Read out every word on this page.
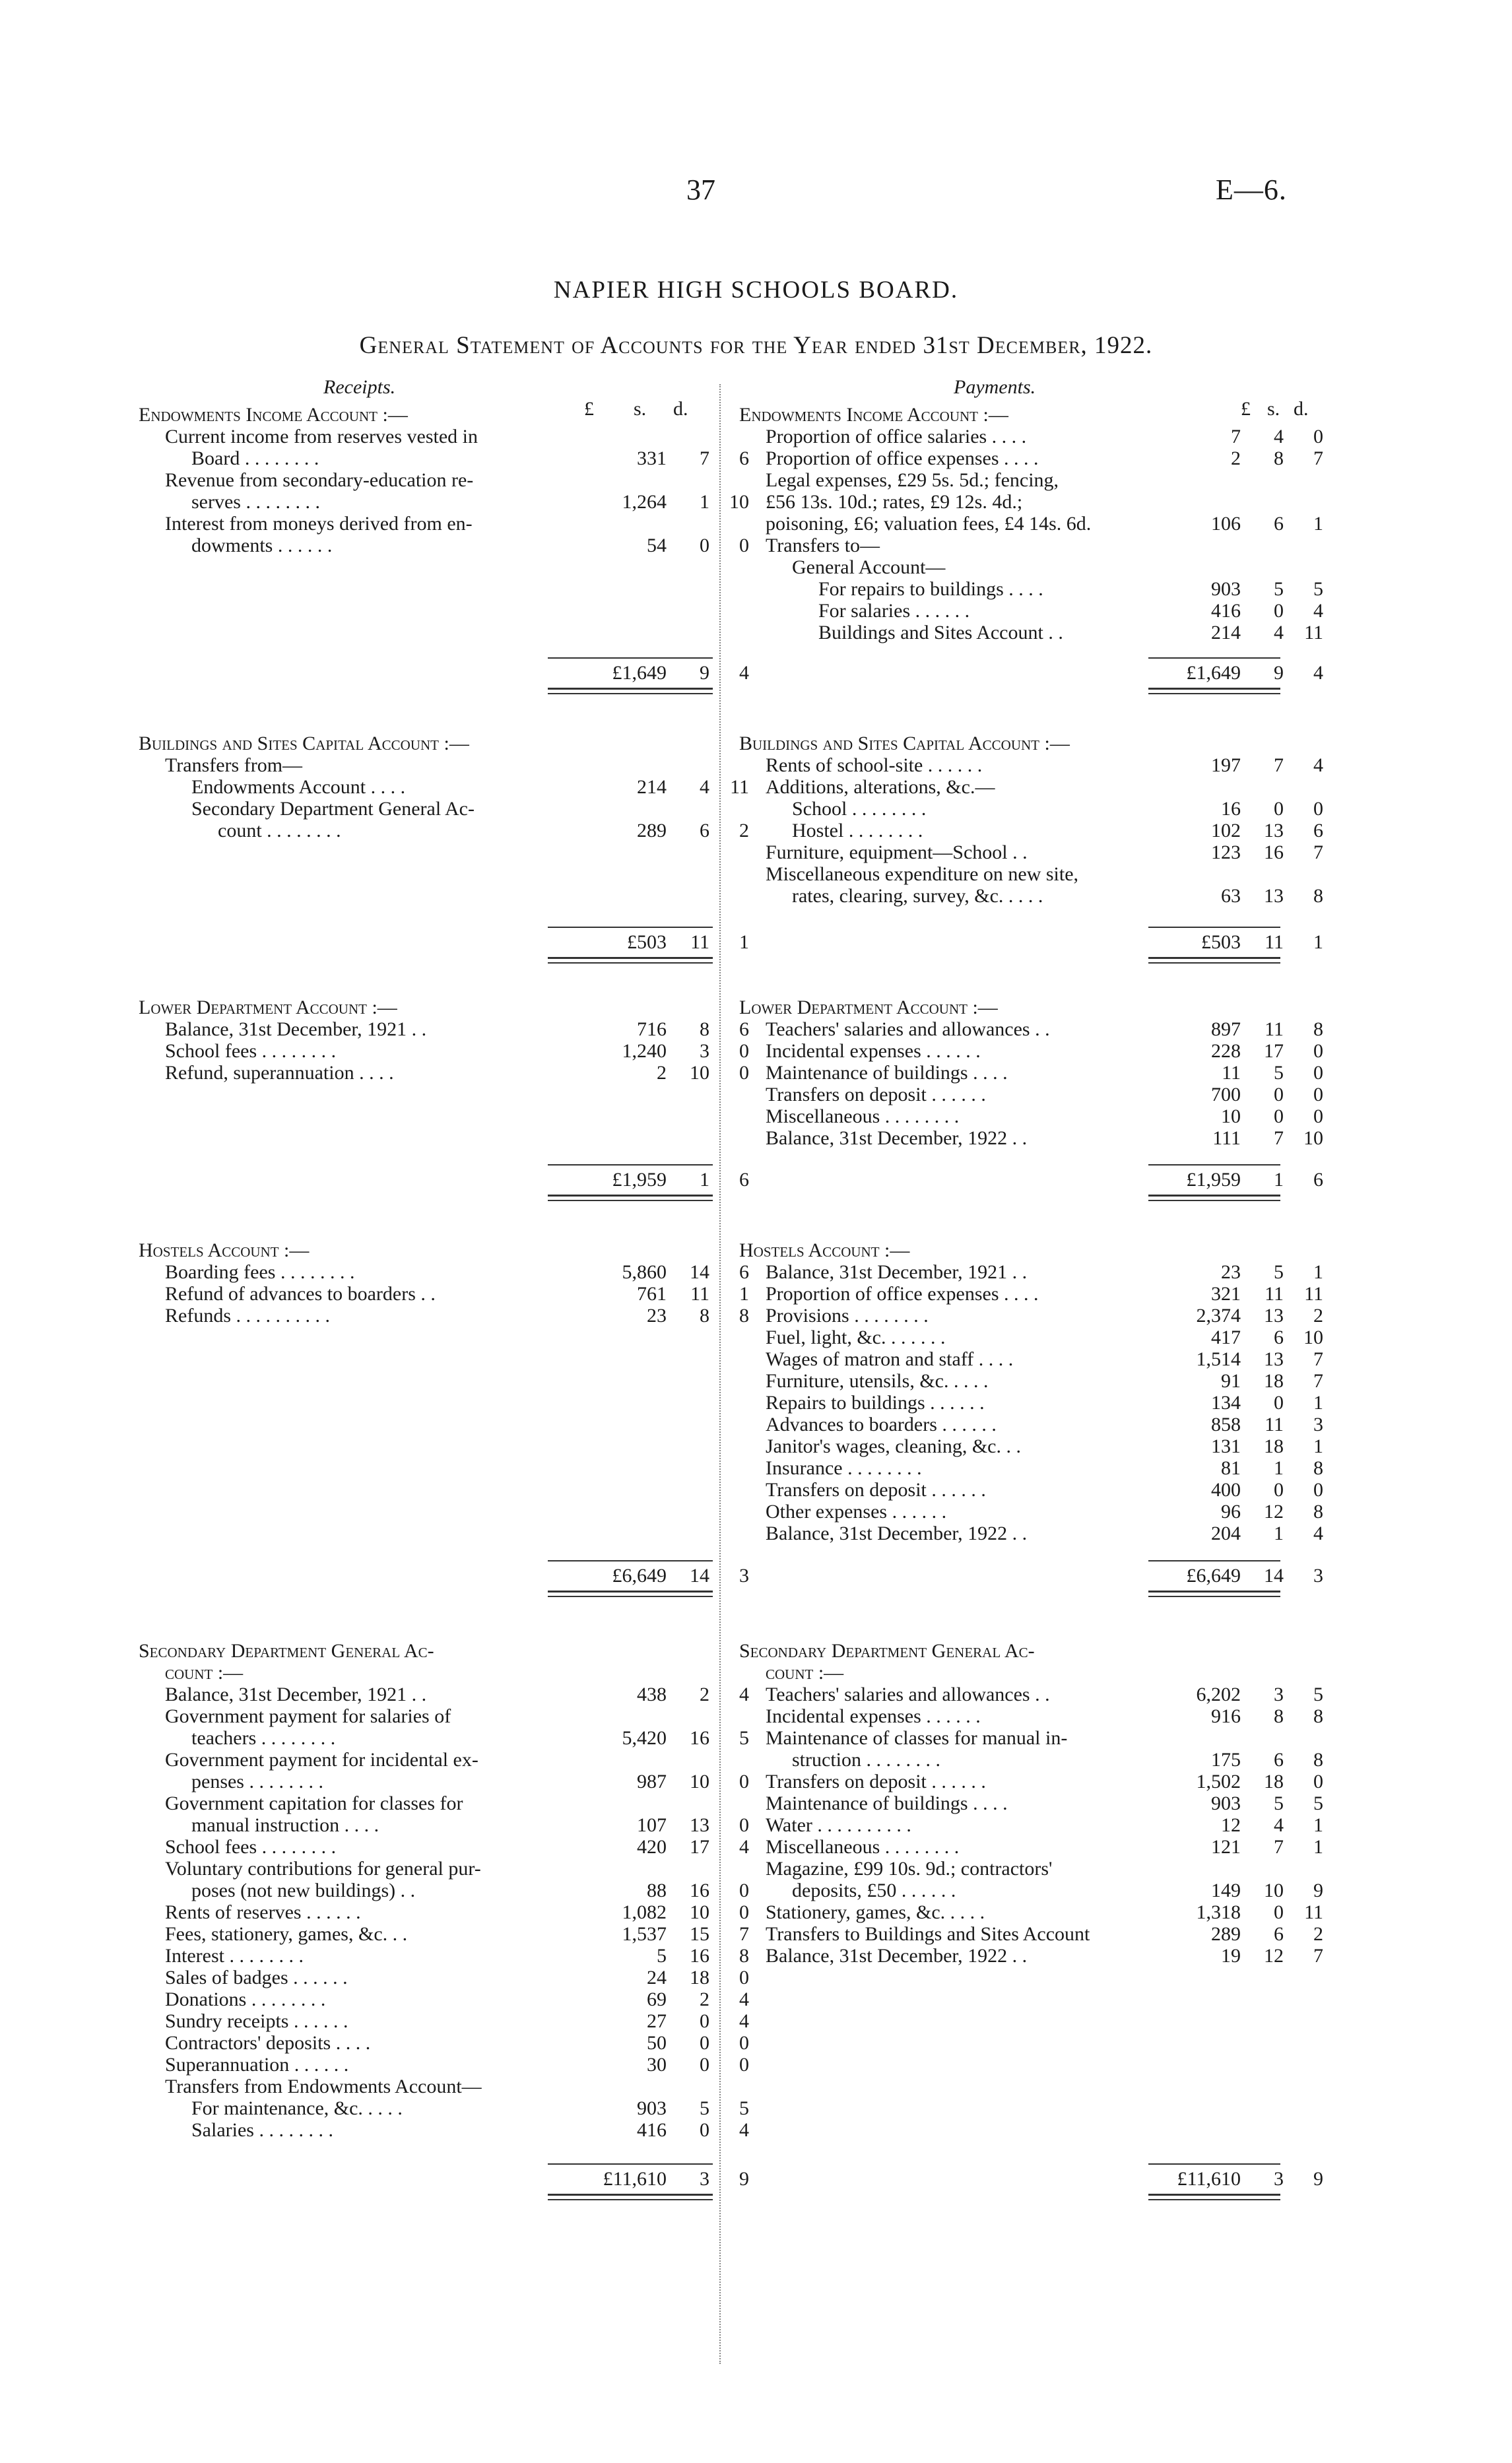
37	E—6.
NAPIER HIGH SCHOOLS BOARD.
General Statement of Accounts for the Year ended 31st December, 1922.
Receipts.	Payments.
£ s. d.	£ s. d.
Endowments Income Account :—
Current income from reserves vested in
Board . . . . . . . .	331	7	6
Revenue from secondary-education re-
serves . . . . . . . .	1,264	1	10
Interest from moneys derived from en-
dowments . . . . . .	54	0	0
£1,649	9	4
Endowments Income Account :—
Proportion of office salaries . . . .	7	4	0
Proportion of office expenses . . . .	2	8	7
Legal expenses, £29 5s. 5d.; fencing,
£56 13s. 10d.; rates, £9 12s. 4d.;
poisoning, £6; valuation fees, £4 14s. 6d.	106	6	1
Transfers to—
General Account—
For repairs to buildings . . . .	903	5	5
For salaries . . . . . .	416	0	4
Buildings and Sites Account . .	214	4	11
£1,649	9	4
Buildings and Sites Capital Account :—
Transfers from—
Endowments Account . . . .	214	4	11
Secondary Department General Ac-
count . . . . . . . .	289	6	2
£503	11	1
Buildings and Sites Capital Account :—
Rents of school-site . . . . . .	197	7	4
Additions, alterations, &c.—
School . . . . . . . .	16	0	0
Hostel . . . . . . . .	102	13	6
Furniture, equipment—School . .	123	16	7
Miscellaneous expenditure on new site,
rates, clearing, survey, &c. . . . .	63	13	8
£503	11	1
Lower Department Account :—
Balance, 31st December, 1921 . .	716	8	6
School fees . . . . . . . .	1,240	3	0
Refund, superannuation . . . .	2	10	0
£1,959	1	6
Lower Department Account :—
Teachers' salaries and allowances . .	897	11	8
Incidental expenses . . . . . .	228	17	0
Maintenance of buildings . . . .	11	5	0
Transfers on deposit . . . . . .	700	0	0
Miscellaneous . . . . . . . .	10	0	0
Balance, 31st December, 1922 . .	111	7	10
£1,959	1	6
Hostels Account :—
Boarding fees . . . . . . . .	5,860	14	6
Refund of advances to boarders . .	761	11	1
Refunds . . . . . . . . . .	23	8	8
£6,649	14	3
Hostels Account :—
Balance, 31st December, 1921 . .	23	5	1
Proportion of office expenses . . . .	321	11	11
Provisions . . . . . . . .	2,374	13	2
Fuel, light, &c. . . . . . .	417	6	10
Wages of matron and staff . . . .	1,514	13	7
Furniture, utensils, &c. . . . .	91	18	7
Repairs to buildings . . . . . .	134	0	1
Advances to boarders . . . . . .	858	11	3
Janitor's wages, cleaning, &c. . .	131	18	1
Insurance . . . . . . . .	81	1	8
Transfers on deposit . . . . . .	400	0	0
Other expenses . . . . . .	96	12	8
Balance, 31st December, 1922 . .	204	1	4
£6,649	14	3
Secondary Department General Ac-
count :—
Balance, 31st December, 1921 . .	438	2	4
Government payment for salaries of
teachers . . . . . . . .	5,420	16	5
Government payment for incidental ex-
penses . . . . . . . .	987	10	0
Government capitation for classes for
manual instruction . . . .	107	13	0
School fees . . . . . . . .	420	17	4
Voluntary contributions for general pur-
poses (not new buildings) . .	88	16	0
Rents of reserves . . . . . .	1,082	10	0
Fees, stationery, games, &c. . .	1,537	15	7
Interest . . . . . . . .	5	16	8
Sales of badges . . . . . .	24	18	0
Donations . . . . . . . .	69	2	4
Sundry receipts . . . . . .	27	0	4
Contractors' deposits . . . .	50	0	0
Superannuation . . . . . .	30	0	0
Transfers from Endowments Account—
For maintenance, &c. . . . .	903	5	5
Salaries . . . . . . . .	416	0	4
£11,610	3	9
Secondary Department General Ac-
count :—
Teachers' salaries and allowances . .	6,202	3	5
Incidental expenses . . . . . .	916	8	8
Maintenance of classes for manual in-
struction . . . . . . . .	175	6	8
Transfers on deposit . . . . . .	1,502	18	0
Maintenance of buildings . . . .	903	5	5
Water . . . . . . . . . .	12	4	1
Miscellaneous . . . . . . . .	121	7	1
Magazine, £99 10s. 9d.; contractors'
deposits, £50 . . . . . .	149	10	9
Stationery, games, &c. . . . .	1,318	0	11
Transfers to Buildings and Sites Account	289	6	2
Balance, 31st December, 1922 . .	19	12	7
£11,610	3	9
